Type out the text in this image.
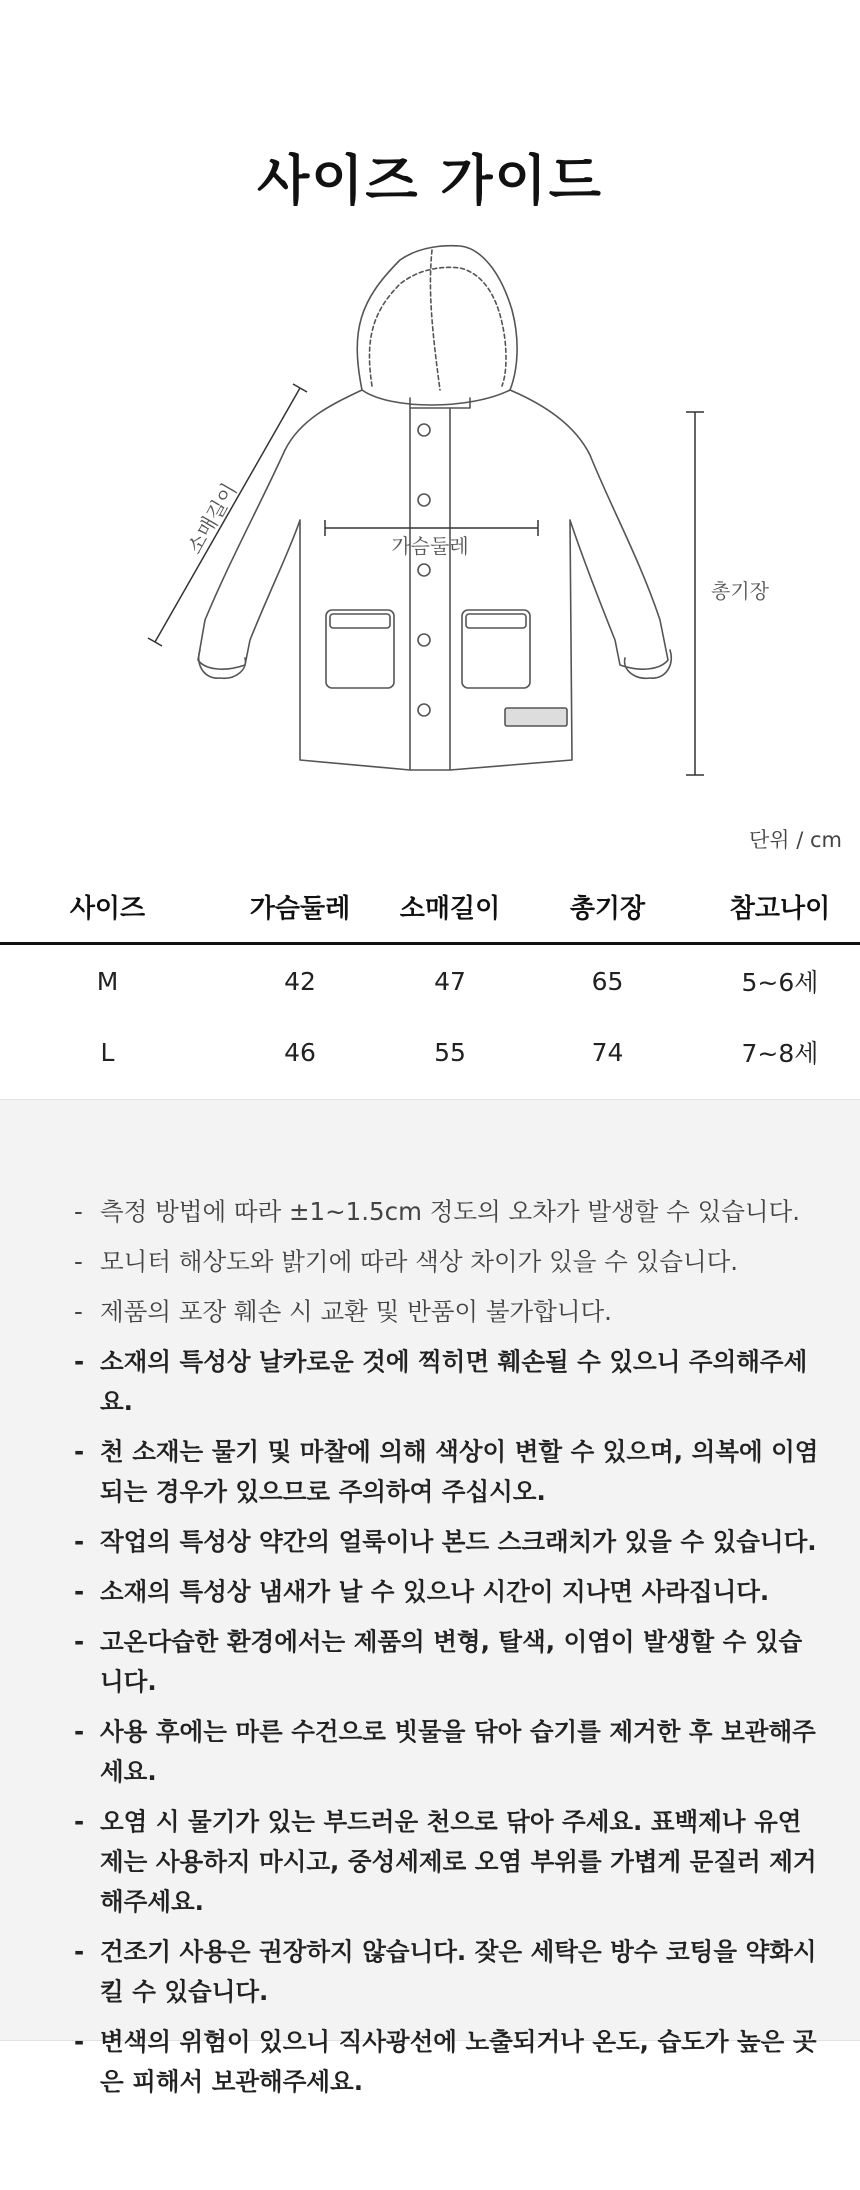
사이즈 가이드
가슴둘레
소매길이
총기장
단위 / cm
사이즈	가슴둘레	소매길이	총기장	참고나이
M	42	47	65	5~6세
L	46	55	74	7~8세
- 측정 방법에 따라 ±1~1.5cm 정도의 오차가 발생할 수 있습니다.
- 모니터 해상도와 밝기에 따라 색상 차이가 있을 수 있습니다.
- 제품의 포장 훼손 시 교환 및 반품이 불가합니다.
- 소재의 특성상 날카로운 것에 찍히면 훼손될 수 있으니 주의해주세요.
- 천 소재는 물기 및 마찰에 의해 색상이 변할 수 있으며, 의복에 이염되는 경우가 있으므로 주의하여 주십시오.
- 작업의 특성상 약간의 얼룩이나 본드 스크래치가 있을 수 있습니다.
- 소재의 특성상 냄새가 날 수 있으나 시간이 지나면 사라집니다.
- 고온다습한 환경에서는 제품의 변형, 탈색, 이염이 발생할 수 있습니다.
- 사용 후에는 마른 수건으로 빗물을 닦아 습기를 제거한 후 보관해주세요.
- 오염 시 물기가 있는 부드러운 천으로 닦아 주세요. 표백제나 유연제는 사용하지 마시고, 중성세제로 오염 부위를 가볍게 문질러 제거해주세요.
- 건조기 사용은 권장하지 않습니다. 잦은 세탁은 방수 코팅을 약화시킬 수 있습니다.
- 변색의 위험이 있으니 직사광선에 노출되거나 온도, 습도가 높은 곳은 피해서 보관해주세요.
